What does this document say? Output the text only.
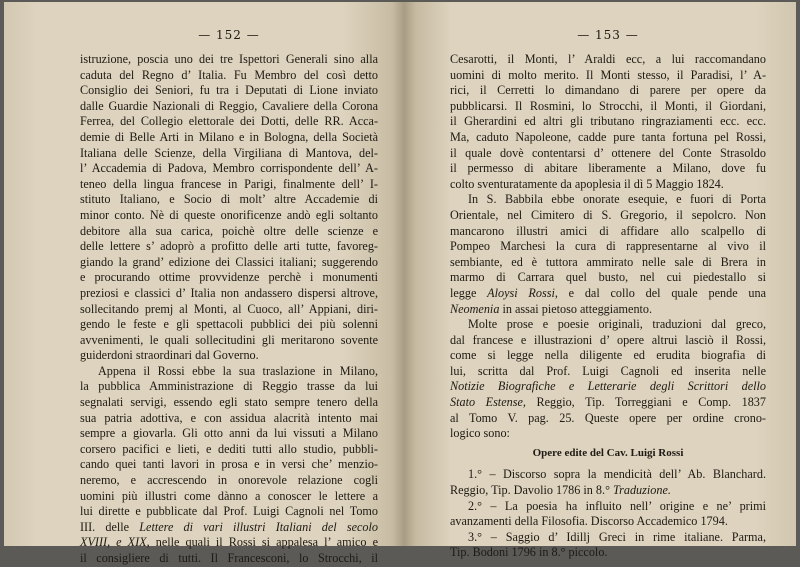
— 152 —
istruzione, poscia uno dei tre Ispettori Generali sino alla
caduta del Regno d’ Italia. Fu Membro del così detto
Consiglio dei Seniori, fu tra i Deputati di Lione inviato
dalle Guardie Nazionali di Reggio, Cavaliere della Corona
Ferrea, del Collegio elettorale dei Dotti, delle RR. Acca-
demie di Belle Arti in Milano e in Bologna, della Società
Italiana delle Scienze, della Virgiliana di Mantova, del-
l’ Accademia di Padova, Membro corrispondente dell’ A-
teneo della lingua francese in Parigi, finalmente dell’ I-
stituto Italiano, e Socio di molt’ altre Accademie di
minor conto. Nè di queste onorificenze andò egli soltanto
debitore alla sua carica, poichè oltre delle scienze e
delle lettere s’ adoprò a profitto delle arti tutte, favoreg-
giando la grand’ edizione dei Classici italiani; suggerendo
e procurando ottime provvidenze perchè i monumenti
preziosi e classici d’ Italia non andassero dispersi altrove,
sollecitando premj al Monti, al Cuoco, all’ Appiani, diri-
gendo le feste e gli spettacoli pubblici dei più solenni
avvenimenti, le quali sollecitudini gli meritarono sovente
guiderdoni straordinari dal Governo.
Appena il Rossi ebbe la sua traslazione in Milano,
la pubblica Amministrazione di Reggio trasse da lui
segnalati servigi, essendo egli stato sempre tenero della
sua patria adottiva, e con assidua alacrità intento mai
sempre a giovarla. Gli otto anni da lui vissuti a Milano
corsero pacifici e lieti, e dediti tutti allo studio, pubbli-
cando quei tanti lavori in prosa e in versi che’ menzio-
neremo, e accrescendo in onorevole relazione cogli
uomini più illustri come dànno a conoscer le lettere a
lui dirette e pubblicate dal Prof. Luigi Cagnoli nel Tomo
III. delle Lettere di vari illustri Italiani del secolo
XVIII, e XIX, nelle quali il Rossi si appalesa l’ amico e
il consigliere di tutti. Il Francesconi, lo Strocchi, il
— 153 —
Cesarotti, il Monti, l’ Araldi ecc, a lui raccomandano
uomini di molto merito. Il Monti stesso, il Paradisi, l’ A-
rici, il Cerretti lo dimandano di parere per opere da
pubblicarsi. Il Rosmini, lo Strocchi, il Monti, il Giordani,
il Gherardini ed altri gli tributano ringraziamenti ecc. ecc.
Ma, caduto Napoleone, cadde pure tanta fortuna pel Rossi,
il quale dovè contentarsi d’ ottenere del Conte Strasoldo
il permesso di abitare liberamente a Milano, dove fu
colto sventuratamente da apoplesia il dì 5 Maggio 1824.
In S. Babbila ebbe onorate esequie, e fuori di Porta
Orientale, nel Cimitero di S. Gregorio, il sepolcro. Non
mancarono illustri amici di affidare allo scalpello di
Pompeo Marchesi la cura di rappresentarne al vivo il
sembiante, ed è tuttora ammirato nelle sale di Brera in
marmo di Carrara quel busto, nel cui piedestallo si
legge Aloysi Rossi, e dal collo del quale pende una
Neomenia in assai pietoso atteggiamento.
Molte prose e poesie originali, traduzioni dal greco,
dal francese e illustrazioni d’ opere altrui lasciò il Rossi,
come si legge nella diligente ed erudita biografia di
lui, scritta dal Prof. Luigi Cagnoli ed inserita nelle
Notizie Biografiche e Letterarie degli Scrittori dello
Stato Estense, Reggio, Tip. Torreggiani e Comp. 1837
al Tomo V. pag. 25. Queste opere per ordine crono-
logico sono:
Opere edite del Cav. Luigi Rossi
1.° – Discorso sopra la mendicità dell’ Ab. Blanchard.
Reggio, Tip. Davolio 1786 in 8.° Traduzione.
2.° – La poesia ha influito nell’ origine e ne’ primi
avanzamenti della Filosofia. Discorso Accademico 1794.
3.° – Saggio d’ Idillj Greci in rime italiane. Parma,
Tip. Bodoni 1796 in 8.° piccolo.
